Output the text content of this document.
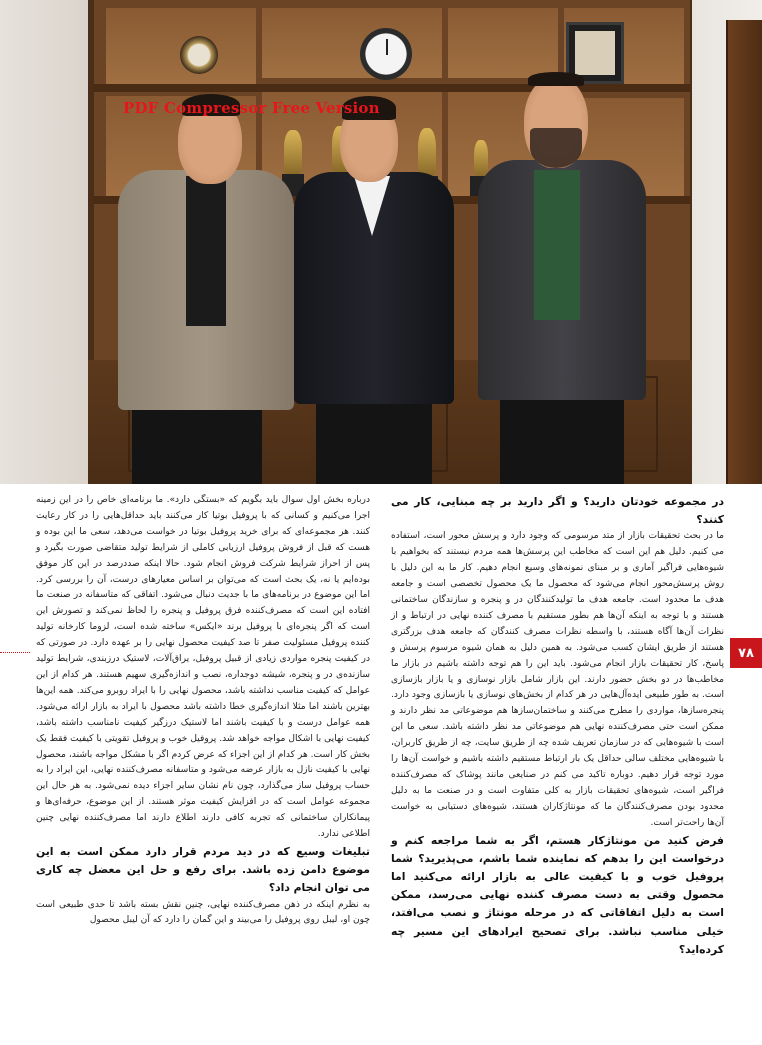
PDF Compressor Free Version

در مجموعه خودتان دارید؟ و اگر دارید بر چه مبنایی، کار می کنند؟

ما در بحث تحقیقات بازار از متد مرسومی که وجود دارد و پرسش محور است، استفاده می کنیم. دلیل هم این است که مخاطب این پرسش‌ها همه مردم نیستند که بخواهیم با شیوه‌هایی فراگیر آماری و بر مبنای نمونه‌های وسیع انجام دهیم. کار ما به این دلیل با روش پرسش‌محور انجام می‌شود که محصول ما یک محصول تخصصی است و جامعه هدف ما محدود است. جامعه هدف ما تولیدکنندگان در و پنجره و سازندگان ساختمانی هستند و با توجه به اینکه آن‌ها هم بطور مستقیم با مصرف کننده نهایی در ارتباط و از نظرات آن‌ها آگاه هستند، با واسطه نظرات مصرف کنندگان که جامعه هدف بزرگتری هستند از طریق ایشان کسب می‌شود. به همین دلیل به همان شیوه مرسوم پرسش و پاسخ، کار تحقیقات بازار انجام می‌شود. باید این را هم توجه داشته باشیم در بازار ما مخاطب‌ها در دو بخش حضور دارند. این بازار شامل بازار نوسازی و یا بازار بازسازی است. به طور طبیعی ایده‌آل‌هایی در هر کدام از بخش‌های نوسازی یا بازسازی وجود دارد. پنجره‌سازها، مواردی را مطرح می‌کنند و ساختمان‌سازها هم موضوعاتی مد نظر دارند و ممکن است حتی مصرف‌کننده نهایی هم موضوعاتی مد نظر داشته باشد. سعی ما این است با شیوه‌هایی که در سازمان تعریف شده چه از طریق سایت، چه از طریق کاربران، با شیوه‌هایی مختلف سالی حداقل یک بار ارتباط مستقیم داشته باشیم و خواست آن‌ها را مورد توجه قرار دهیم. دوباره تاکید می کنم در صنایعی مانند پوشاک که مصرف‌کننده فراگیر است، شیوه‌های تحقیقات بازار به کلی متفاوت است و در صنعت ما به دلیل محدود بودن مصرف‌کنندگان ما که مونتاژکاران هستند، شیوه‌های دستیابی به خواست آن‌ها راحت‌تر است.

فرض کنید من مونتاژکار هستم، اگر به شما مراجعه کنم و درخواست این را بدهم که نماینده شما باشم، می‌پذیرید؟ شما پروفیل خوب و با کیفیت عالی به بازار ارائه می‌کنید اما محصول وقتی به دست مصرف کننده نهایی می‌رسد، ممکن است به دلیل اتفاقاتی که در مرحله مونتاژ و نصب می‌افتد، خیلی مناسب نباشد. برای تصحیح ایرادهای این مسیر چه کرده‌اید؟

درباره بخش اول سوال باید بگویم که «بستگی دارد». ما برنامه‌ای خاص را در این زمینه اجرا می‌کنیم و کسانی که با پروفیل بوتیا کار می‌کنند باید حداقل‌هایی را در کار رعایت کنند. هر مجموعه‌ای که برای خرید پروفیل بوتیا در خواست می‌دهد، سعی ما این بوده و هست که قبل از فروش پروفیل ارزیابی کاملی از شرایط تولید متقاضی صورت بگیرد و پس از احراز شرایط شرکت فروش انجام شود. حالا اینکه صددرصد در این کار موفق بوده‌ایم یا نه، یک بحث است که می‌توان بر اساس معیارهای درست، آن را بررسی کرد. اما این موضوع در برنامه‌های ما با جدیت دنبال می‌شود. اتفاقی که متاسفانه در صنعت ما افتاده این است که مصرف‌کننده فرق پروفیل و پنجره را لحاظ نمی‌کند و تصورش این است که اگر پنجره‌ای با پروفیل برند «ایکس» ساخته شده است، لزوما کارخانه تولید کننده پروفیل مسئولیت صفر تا صد کیفیت محصول نهایی را بر عهده دارد. در صورتی که در کیفیت پنجره مواردی زیادی از قبیل پروفیل، یراق‌آلات، لاستیک درزبندی، شرایط تولید سازنده‌ی در و پنجره، شیشه دوجداره، نصب و اندازه‌گیری سهیم هستند. هر کدام از این عوامل که کیفیت مناسب نداشته باشد، محصول نهایی را با ایراد روبرو می‌کند. همه این‌ها بهترین باشند اما مثلا اندازه‌گیری خطا داشته باشد محصول با ایراد به بازار ارائه می‌شود. همه عوامل درست و با کیفیت باشند اما لاستیک درزگیر کیفیت نامناسب داشته باشد، کیفیت نهایی با اشکال مواجه خواهد شد. پروفیل خوب و پروفیل تقویتی با کیفیت فقط یک بخش کار است. هر کدام از این اجزاء که عرض کردم اگر با مشکل مواجه باشند، محصول نهایی با کیفیت نازل به بازار عرضه می‌شود و متاسفانه مصرف‌کننده نهایی، این ایراد را به حساب پروفیل ساز می‌گذارد، چون نام نشان سایر اجزاء دیده نمی‌شود. به هر حال این مجموعه عوامل است که در افزایش کیفیت موثر هستند. از این موضوع، حرفه‌ای‌ها و پیمانکاران ساختمانی که تجربه کافی دارند اطلاع دارند اما مصرف‌کننده نهایی چنین اطلاعی ندارد.

تبلیغات وسیع که در دید مردم قرار دارد ممکن است به این موضوع دامن زده باشد. برای رفع و حل این معضل چه کاری می توان انجام داد؟

به نظرم اینکه در ذهن مصرف‌کننده نهایی، چنین نقش بسته باشد تا حدی طبیعی است چون او، لیبل روی پروفیل را می‌بیند و این گمان را دارد که آن لیبل محصول

۷۸
